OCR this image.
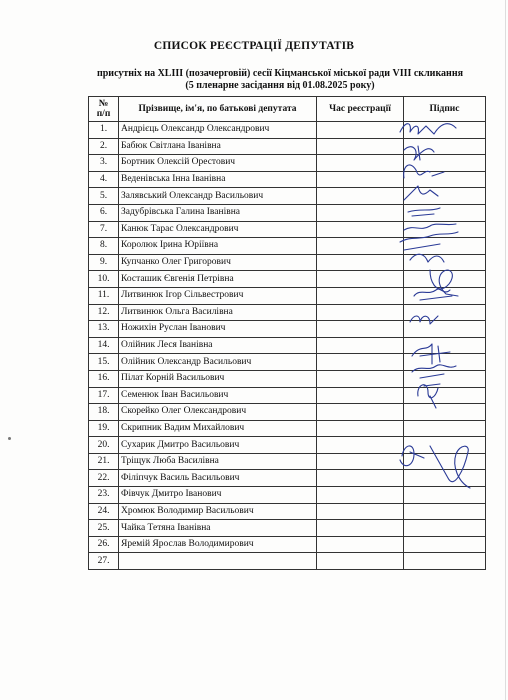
СПИСОК РЕЄСТРАЦІЇ ДЕПУТАТІВ
присутніх на XLIII (позачерговій) сесії Кіцманської міської ради VIII скликання
(5 пленарне засідання від 01.08.2025 року)
№
п/п	Прізвище, ім'я, по батькові депутата	Час реєстрації	Підпис
1.	Андрієць Олександр Олександрович		
2.	Бабюк Світлана Іванівна		
3.	Бортник Олексій Орестович		
4.	Веденівська Інна Іванівна		
5.	Залявський Олександр Васильович		
6.	Задубрівська Галина Іванівна		
7.	Канюк Тарас Олександрович		
8.	Королюк Ірина Юріївна		
9.	Купчанко Олег Григорович		
10.	Косташик Євгенія Петрівна		
11.	Литвинюк Ігор Сільвестрович		
12.	Литвинюк Ольга Василівна		
13.	Ножихін Руслан Іванович		
14.	Олійник Леся Іванівна		
15.	Олійник Олександр Васильович		
16.	Пілат Корній Васильович		
17.	Семенюк Іван Васильович		
18.	Скорейко Олег Олександрович		
19.	Скрипник Вадим Михайлович		
20.	Сухарик Дмитро Васильович		
21.	Тріщук Люба Василівна		
22.	Філіпчук Василь Васильович		
23.	Фівчук Дмитро Іванович		
24.	Хромюк Володимир Васильович		
25.	Чайка Тетяна Іванівна		
26.	Яремій Ярослав Володимирович		
27.			
